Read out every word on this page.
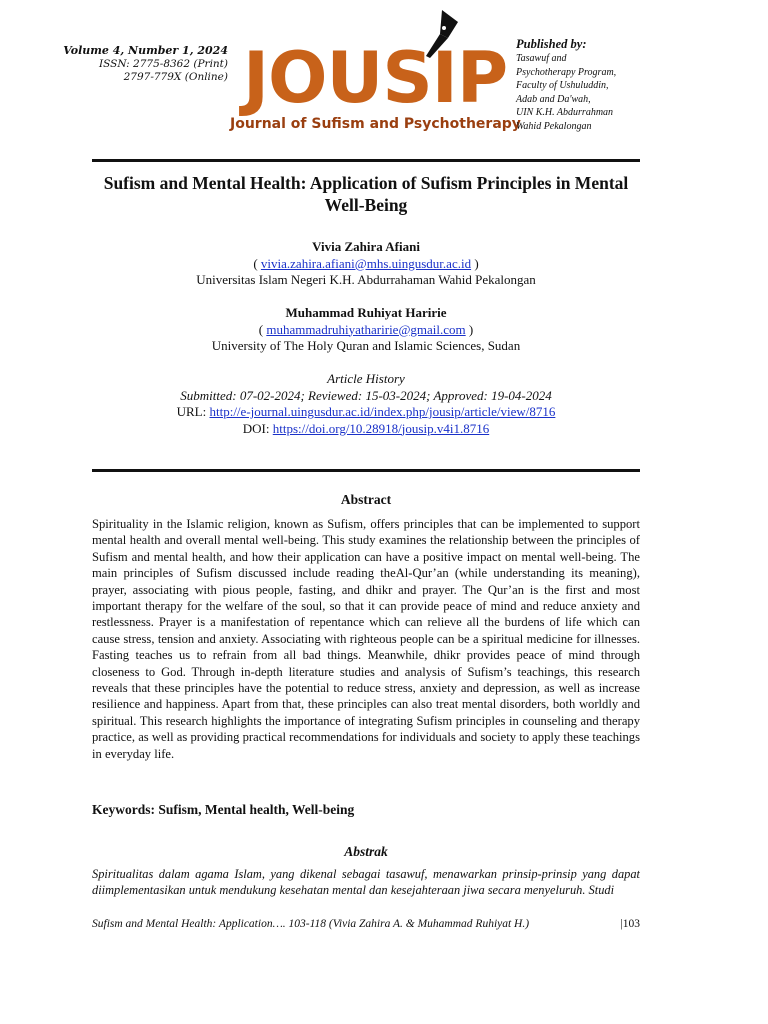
Volume 4, Number 1, 2024
ISSN: 2775-8362 (Print)
2797-779X (Online) JOUSIP
Journal of Sufism and Psychotherapy
Published by:
Tasawuf and
Psychotherapy Program,
Faculty of Ushuluddin,
Adab and Da'wah,
UIN K.H. Abdurrahman
Wahid Pekalongan
Sufism and Mental Health: Application of Sufism Principles in Mental Well-Being
Vivia Zahira Afiani
( vivia.zahira.afiani@mhs.uingusdur.ac.id )
Universitas Islam Negeri K.H. Abdurrahaman Wahid Pekalongan
Muhammad Ruhiyat Haririe
( muhammadruhiyatharirie@gmail.com )
University of The Holy Quran and Islamic Sciences, Sudan
Article History
Submitted: 07-02-2024; Reviewed: 15-03-2024; Approved: 19-04-2024
URL: http://e-journal.uingusdur.ac.id/index.php/jousip/article/view/8716
DOI: https://doi.org/10.28918/jousip.v4i1.8716
Abstract
Spirituality in the Islamic religion, known as Sufism, offers principles that can be implemented to support mental health and overall mental well-being. This study examines the relationship between the principles of Sufism and mental health, and how their application can have a positive impact on mental well-being. The main principles of Sufism discussed include reading theAl-Qur’an (while understanding its meaning), prayer, associating with pious people, fasting, and dhikr and prayer. The Qur’an is the first and most important therapy for the welfare of the soul, so that it can provide peace of mind and reduce anxiety and restlessness. Prayer is a manifestation of repentance which can relieve all the burdens of life which can cause stress, tension and anxiety. Associating with righteous people can be a spiritual medicine for illnesses. Fasting teaches us to refrain from all bad things. Meanwhile, dhikr provides peace of mind through closeness to God. Through in-depth literature studies and analysis of Sufism’s teachings, this research reveals that these principles have the potential to reduce stress, anxiety and depression, as well as increase resilience and happiness. Apart from that, these principles can also treat mental disorders, both worldly and spiritual. This research highlights the importance of integrating Sufism principles in counseling and therapy practice, as well as providing practical recommendations for individuals and society to apply these teachings in everyday life.
Keywords: Sufism, Mental health, Well-being
Abstrak
Spiritualitas dalam agama Islam, yang dikenal sebagai tasawuf, menawarkan prinsip-prinsip yang dapat diimplementasikan untuk mendukung kesehatan mental dan kesejahteraan jiwa secara menyeluruh. Studi
Sufism and Mental Health: Application…. 103-118 (Vivia Zahira A. & Muhammad Ruhiyat H.)	|103
